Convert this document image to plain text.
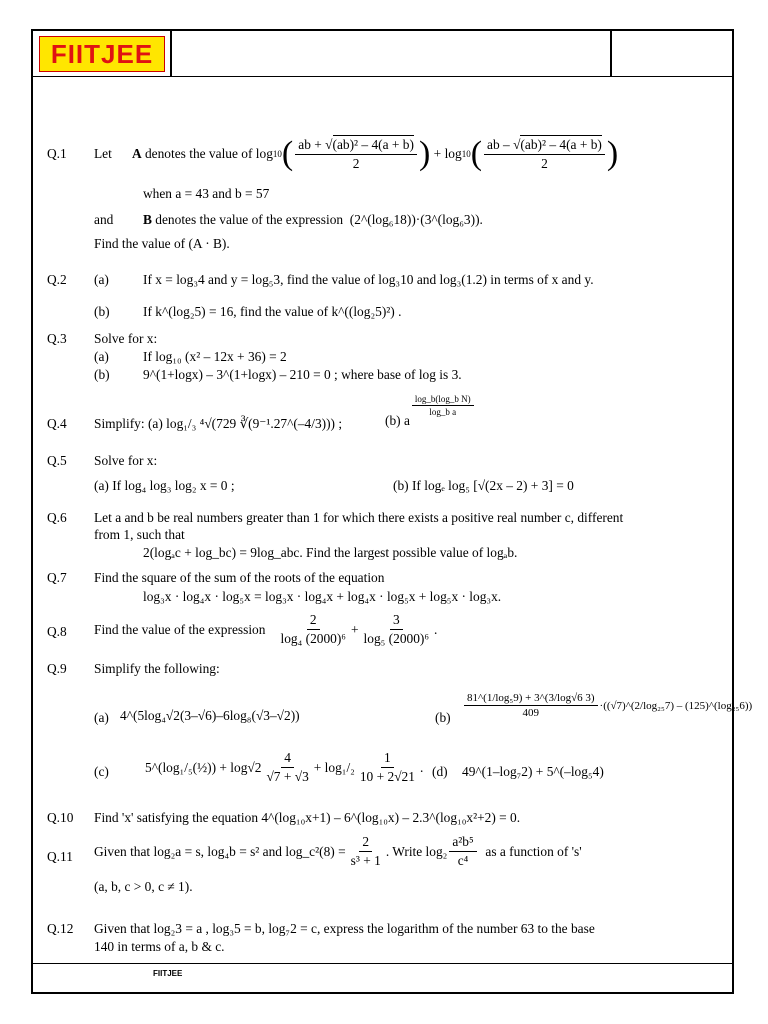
FIITJEE
FIITJEE
Q.1 Let
A
denotes the value of
log 10 ( $\frac{\text{ab + √(ab)² – 4(a + b)}}{2}$ )
+
log 10 ( $\frac{\text{ab – √(ab)² – 4(a + b)}}{2}$ )
when a = 43 and b = 57
and B denotes the value of the expression (2^(log₆18))·(3^(log₆3)).
Find the value of (A · B).
Q.2 (a)	If x = log₃4 and y = log₅3, find the value of log₃10 and log₃(1.2) in terms of x and y.
(b) If k^(log₂5) = 16, find the value of k^((log₂5)²) .
Q.3 Solve for x:
(a)	If log₁₀ (x² – 12x + 36) = 2
(b) 9^(1+logx) – 3^(1+logx) – 210 = 0 ; where base of log is 3.
Q.4 Simplify: (a) log₁/₃ ⁴√(729 ∛(9⁻¹.27^(–4/3))) ;	(b) a
$\frac{\text{log\_b(log\_b N)}}{\text{log\_b a}}$
Q.5 Solve for x:
(a) If log₄ log₃ log₂ x = 0 ;	(b) If logₑ log₅ [√(2x – 2) + 3] = 0
Q.6 Let a and b be real numbers greater than 1 for which there exists a positive real number c, different
from 1, such that
2(logₐc + log_bc) = 9log_abc. Find the largest possible value of logₐb.
Q.7 Find the square of the sum of the roots of the equation
log₃x · log₄x · log₅x = log₃x · log₄x + log₄x · log₅x + log₅x · log₃x.
Q.8 Find the value of the expression
$\frac{2}{\text{log₄ (2000)⁶}} + \frac{3}{\text{log₅ (2000)⁶}}$ .
Q.9 Simplify the following:
(a) 4^(5log₄√2(3–√6)–6log₈(√3–√2))	$(b) \frac{\text{81\textasciicircum{}(1/log₅9) + 3\textasciicircum{}(3/log√6 3)}}{409}$ ·((√7)^(2/log₂₅7) – (125)^(log₂₅6))
(c)	5^(log₁/₅(½)) + $\log√2 \frac{4}{√7 + √3} + \log_1/_2 \frac{1}{10 + 2√21}$ . (d) 49^(1–log₇2) + 5^(–log₅4)
Q.10 Find 'x' satisfying the equation 4^(log₁₀x+1) – 6^(log₁₀x) – 2.3^(log₁₀x²+2) = 0.
Q.11 Given that log₂a = s, log₄b = s² and log_c²(8) = $\frac{2}{\text{s³ + 1}}$ . Write $\log_2 \frac{\text{a²b⁵}}{\text{c⁴}}$
as a function of 's'
(a, b, c > 0, c ≠ 1).
Q.12 Given that log₂3 = a , log₃5 = b, log₇2 = c, express the logarithm of the number 63 to the base
140 in terms of a, b & c.
